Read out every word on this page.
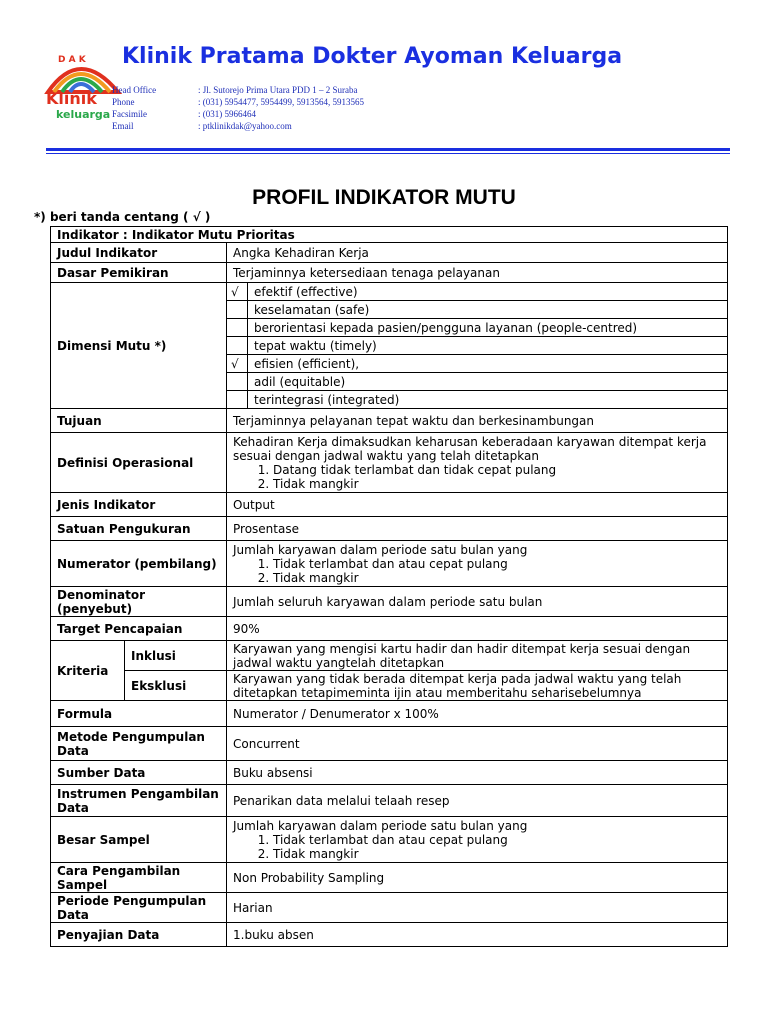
D A K
Klinik
keluarga
Klinik Pratama Dokter Ayoman Keluarga
Head Office	: Jl. Sutorejo Prima Utara PDD 1 – 2 Suraba
Phone	: (031) 5954477, 5954499, 5913564, 5913565
Facsimile	: (031) 5966464
Email	: ptklinikdak@yahoo.com
PROFIL INDIKATOR MUTU
*) beri tanda centang ( √ )
Indikator : Indikator Mutu Prioritas
Judul Indikator	Angka Kehadiran Kerja
Dasar Pemikiran	Terjaminnya ketersediaan tenaga pelayanan
Dimensi Mutu *)	
√	efektif (effective)
	keselamatan (safe)
	berorientasi kepada pasien/pengguna layanan (people-centred)
	tepat waktu (timely)
√	efisien (efficient),
	adil (equitable)
	terintegrasi (integrated)

Tujuan	Terjaminnya pelayanan tepat waktu dan berkesinambungan
Definisi Operasional	
Kehadiran Kerja dimaksudkan keharusan keberadaan karyawan ditempat kerja sesuai dengan jadwal waktu yang telah ditetapkan
1. Datang tidak terlambat dan tidak cepat pulang
2. Tidak mangkir

Jenis Indikator	Output
Satuan Pengukuran	Prosentase
Numerator (pembilang)	
Jumlah karyawan dalam periode satu bulan yang
1. Tidak terlambat dan atau cepat pulang
2. Tidak mangkir

Denominator (penyebut)	Jumlah seluruh karyawan dalam periode satu bulan
Target Pencapaian	90%
Kriteria	Inklusi	Karyawan yang mengisi kartu hadir dan hadir ditempat kerja sesuai dengan jadwal waktu yangtelah ditetapkan
Eksklusi	Karyawan yang tidak berada ditempat kerja pada jadwal waktu yang telah ditetapkan tetapimeminta ijin atau memberitahu seharisebelumnya
Formula	Numerator / Denumerator x 100%
Metode Pengumpulan Data	Concurrent
Sumber Data	Buku absensi
Instrumen Pengambilan Data	Penarikan data melalui telaah resep
Besar Sampel	
Jumlah karyawan dalam periode satu bulan yang
1. Tidak terlambat dan atau cepat pulang
2. Tidak mangkir

Cara Pengambilan Sampel	Non Probability Sampling
Periode Pengumpulan Data	Harian
Penyajian Data	1.buku absen
